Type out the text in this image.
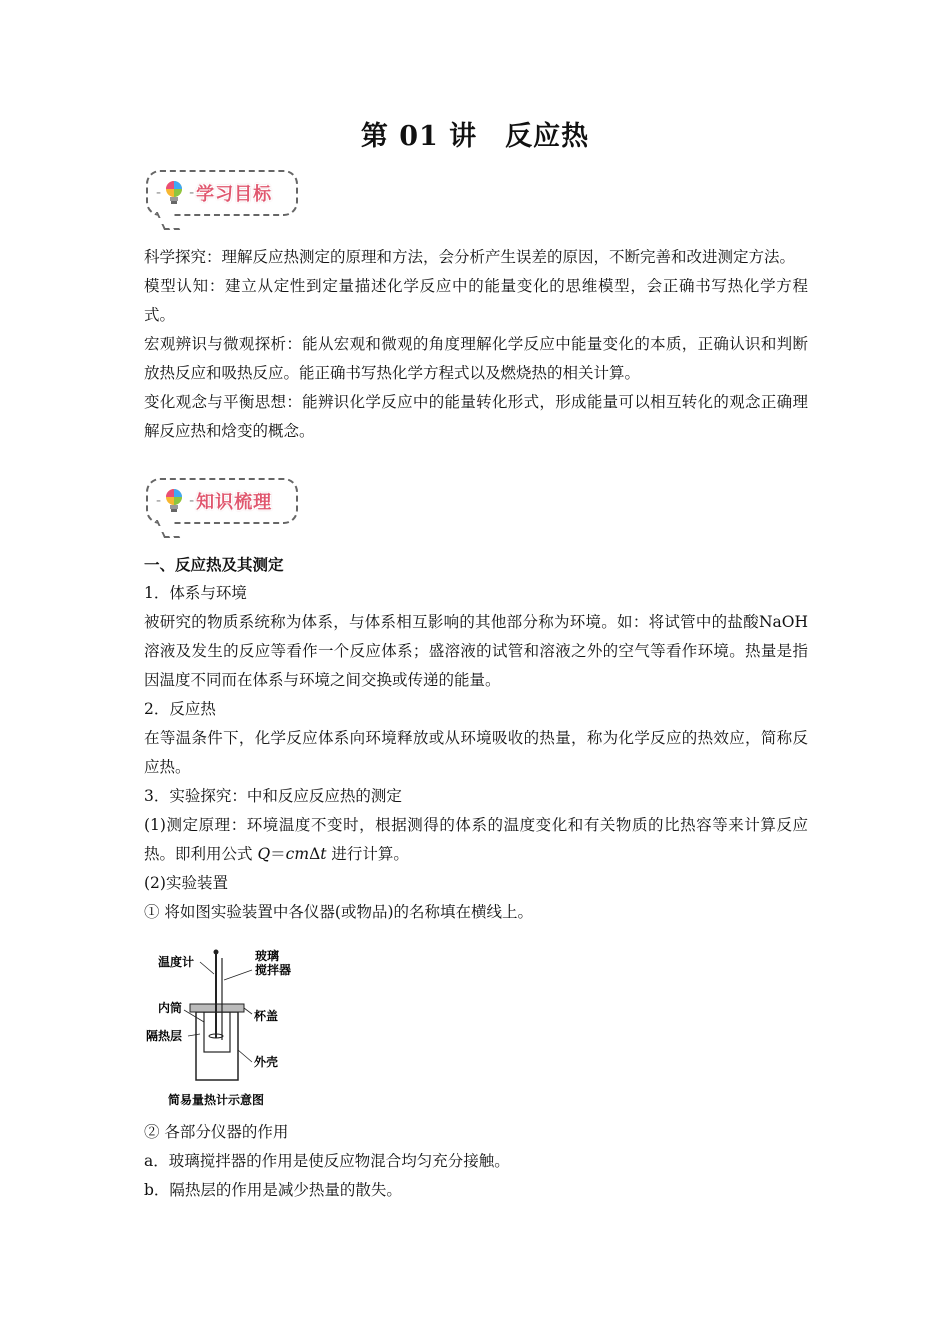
第 01 讲　反应热
- - 学习目标

科学探究：理解反应热测定的原理和方法，会分析产生误差的原因，不断完善和改进测定方法。

模型认知：建立从定性到定量描述化学反应中的能量变化的思维模型，会正确书写热化学方程式。

宏观辨识与微观探析：能从宏观和微观的角度理解化学反应中能量变化的本质，正确认识和判断放热反应和吸热反应。能正确书写热化学方程式以及燃烧热的相关计算。

变化观念与平衡思想：能辨识化学反应中的能量转化形式，形成能量可以相互转化的观念正确理解反应热和焓变的概念。

- - 知识梳理

一、反应热及其测定

1．体系与环境

被研究的物质系统称为体系，与体系相互影响的其他部分称为环境。如：将试管中的盐酸NaOH 溶液及发生的反应等看作一个反应体系；盛溶液的试管和溶液之外的空气等看作环境。热量是指因温度不同而在体系与环境之间交换或传递的能量。

2．反应热

在等温条件下，化学反应体系向环境释放或从环境吸收的热量，称为化学反应的热效应，简称反应热。

3．实验探究：中和反应反应热的测定

(1)测定原理：环境温度不变时，根据测得的体系的温度变化和有关物质的比热容等来计算反应热。即利用公式 Q＝cmΔt 进行计算。

(2)实验装置

① 将如图实验装置中各仪器(或物品)的名称填在横线上。

温度计	玻璃
搅拌器
内筒
杯盖
隔热层
外壳
简易量热计示意图

② 各部分仪器的作用

a．玻璃搅拌器的作用是使反应物混合均匀充分接触。

b．隔热层的作用是减少热量的散失。
